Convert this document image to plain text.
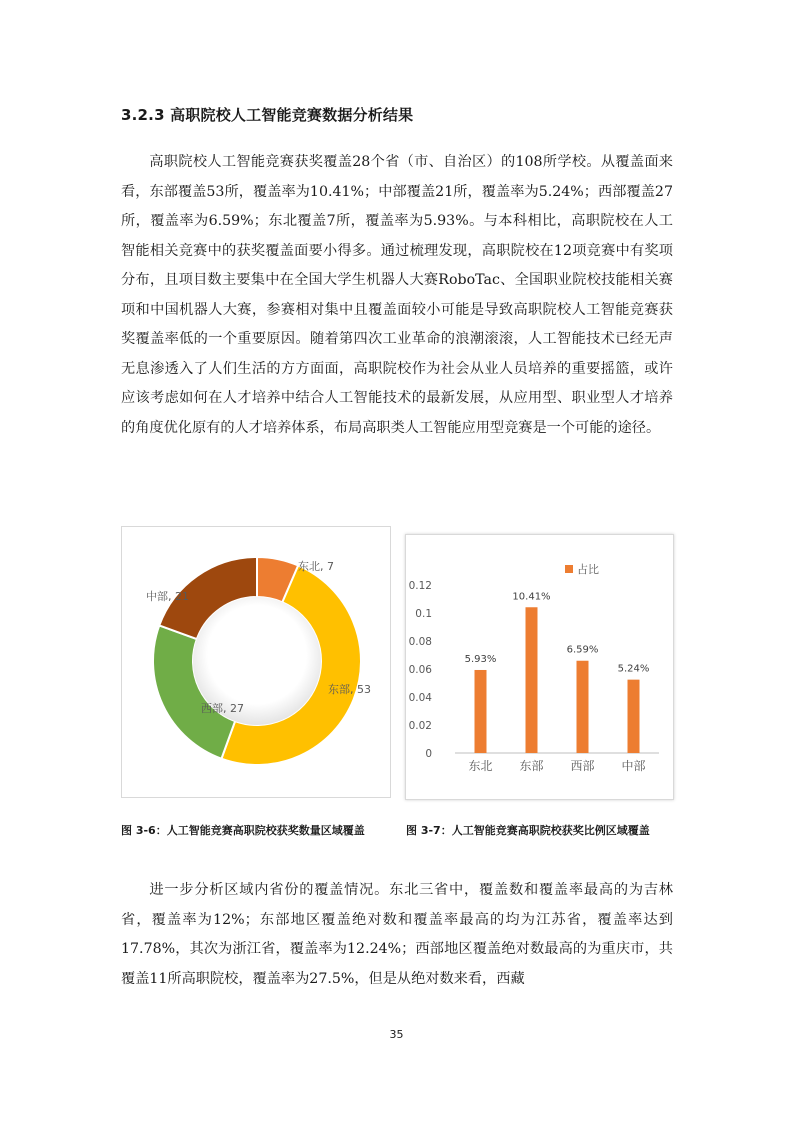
3.2.3 高职院校人工智能竞赛数据分析结果

高职院校人工智能竞赛获奖覆盖28个省（市、自治区）的108所学校。从覆盖面来看，东部覆盖53所，覆盖率为10.41%；中部覆盖21所，覆盖率为5.24%；西部覆盖27所，覆盖率为6.59%；东北覆盖7所，覆盖率为5.93%。与本科相比，高职院校在人工智能相关竞赛中的获奖覆盖面要小得多。通过梳理发现，高职院校在12项竞赛中有奖项分布，且项目数主要集中在全国大学生机器人大赛RoboTac、全国职业院校技能相关赛项和中国机器人大赛，参赛相对集中且覆盖面较小可能是导致高职院校人工智能竞赛获奖覆盖率低的一个重要原因。随着第四次工业革命的浪潮滚滚，人工智能技术已经无声无息渗透入了人们生活的方方面面，高职院校作为社会从业人员培养的重要摇篮，或许应该考虑如何在人才培养中结合人工智能技术的最新发展，从应用型、职业型人才培养的角度优化原有的人才培养体系，布局高职类人工智能应用型竞赛是一个可能的途径。

东北, 7
东部, 53
西部, 27
中部, 21
占比
0
0.02
0.04
0.06
0.08
0.1
0.12
5.93%
10.41%
6.59%
5.24%
东北 东部 西部 中部
图 3-6：人工智能竞赛高职院校获奖数量区域覆盖	图 3-7：人工智能竞赛高职院校获奖比例区域覆盖

进一步分析区域内省份的覆盖情况。东北三省中，覆盖数和覆盖率最高的为吉林省，覆盖率为12%；东部地区覆盖绝对数和覆盖率最高的均为江苏省，覆盖率达到17.78%，其次为浙江省，覆盖率为12.24%；西部地区覆盖绝对数最高的为重庆市，共覆盖11所高职院校，覆盖率为27.5%，但是从绝对数来看，西藏

35
